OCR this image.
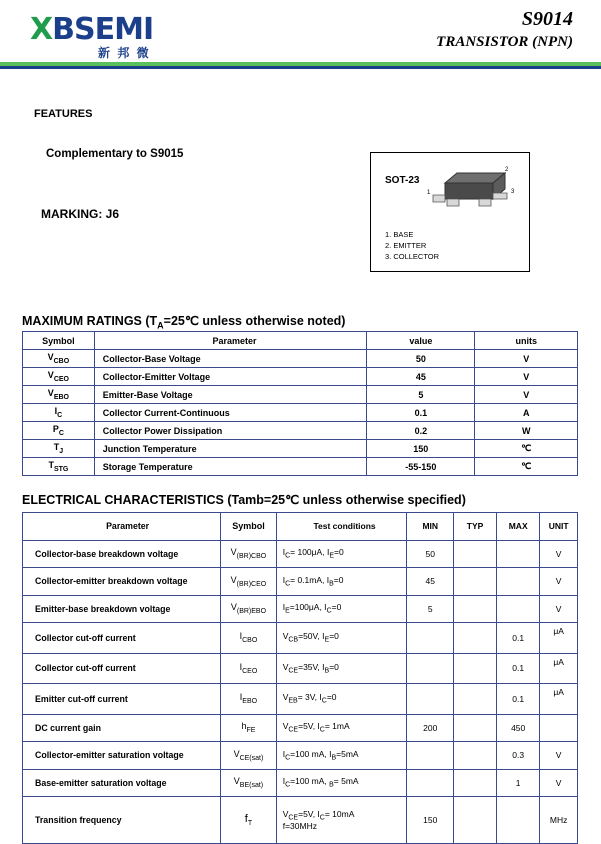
X BSEMI
新 邦 微
S9014
TRANSISTOR (NPN)
FEATURES
Complementary to S9015
MARKING: J6
SOT-23
2
3
1
1. BASE
2. EMITTER
3. COLLECTOR
MAXIMUM RATINGS ($T_A=25℃$ unless otherwise noted)
Symbol	Parameter	value	units
$V_{CBO}$	Collector-Base Voltage	50	V
$V_{CEO}$	Collector-Emitter Voltage	45	V
$V_{EBO}$	Emitter-Base Voltage	5	V
$I_C$	Collector Current-Continuous	0.1	A
$P_C$	Collector Power Dissipation	0.2	W
$T_J$	Junction Temperature	150	℃
$T_{STG}$	Storage Temperature	-55-150	℃
ELECTRICAL CHARACTERISTICS (Tamb=25℃ unless otherwise specified)
Parameter	Symbol	Test conditions	MIN	TYP	MAX	UNIT
Collector-base breakdown voltage	$V_{(BR)CBO}$	$I_C= 100\mu A$, $I_E=0$	50			V
Collector-emitter breakdown voltage	$V_{(BR)CEO}$	$I_C= 0.1mA$, $I_B=0$	45			V
Emitter-base breakdown voltage	$V_{(BR)EBO}$	$I_E=100\mu A$, $I_C=0$	5			V
Collector cut-off current	$I_{CBO}$	$V_{CB}=50V$, $I_E=0$			0.1	μA
Collector cut-off current	$I_{CEO}$	$V_{CE}=35V$, $I_B=0$			0.1	μA
Emitter cut-off current	$I_{EBO}$	$V_{EB}= 3V$, $I_C=0$			0.1	μA
DC current gain	$h_{FE}$	$V_{CE}=5V$, $I_C= 1mA$	200		450	
Collector-emitter saturation voltage	$V_{CE(sat)}$	$I_C=100$ mA, $I_B=5mA$			0.3	V
Base-emitter saturation voltage	$V_{BE(sat)}$	$I_C=100$ mA, $_B$= 5mA			1	V
Transition frequency	$f_T$	$V_{CE}=5V$, $I_C= 10mA$
f=30MHz	150			MHz
